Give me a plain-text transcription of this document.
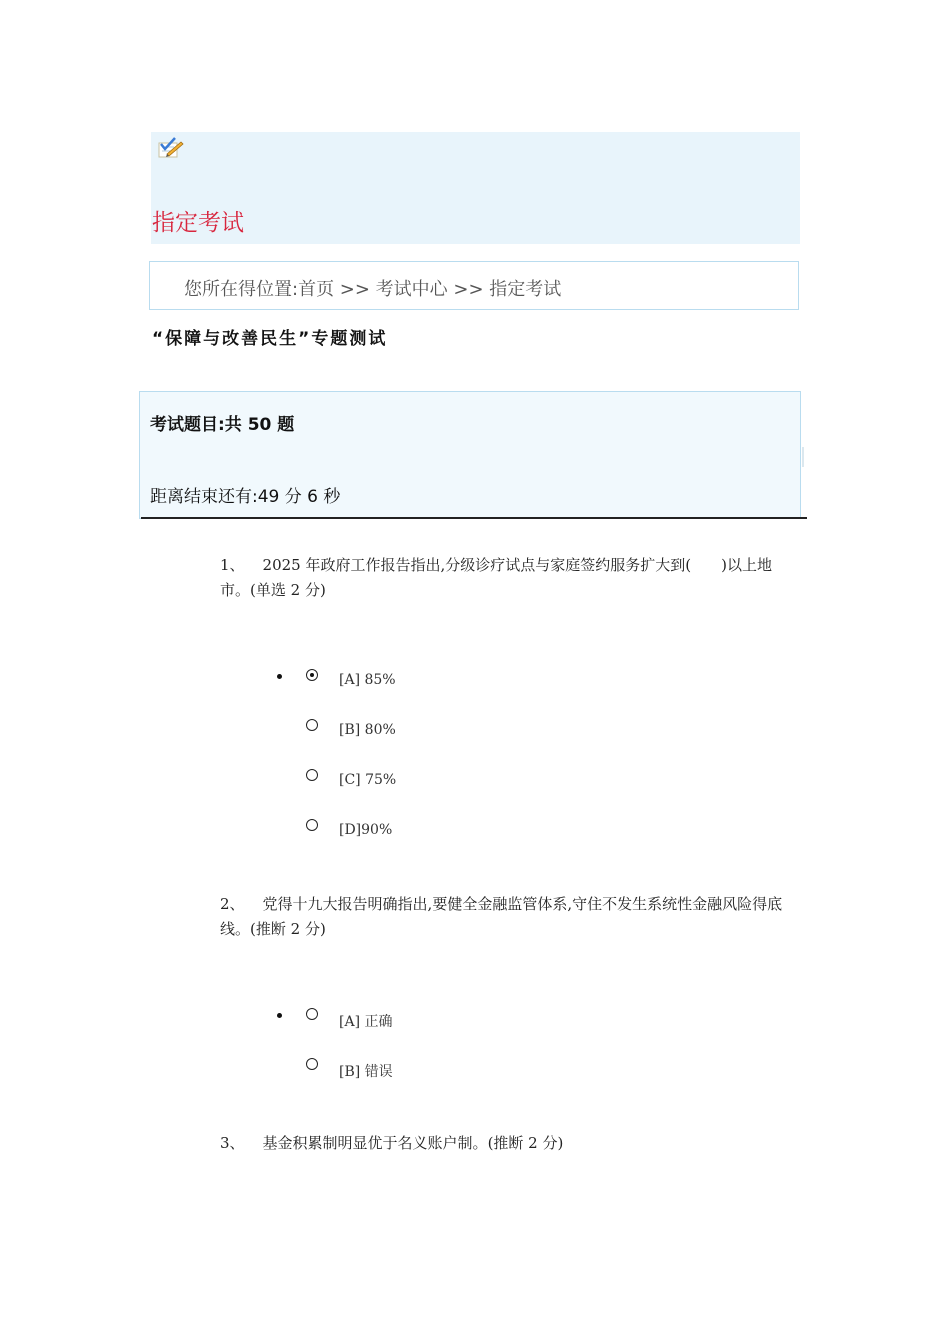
指定考试
您所在得位置:首页 >> 考试中心 >> 指定考试
“保障与改善民生”专题测试
考试题目:共 50 题
距离结束还有:49 分 6 秒
1、 2025 年政府工作报告指出,分级诊疗试点与家庭签约服务扩大到(　　)以上地市。(单选 2 分)
[A] 85%
[B] 80%
[C] 75%
[D]90%
2、 党得十九大报告明确指出,要健全金融监管体系,守住不发生系统性金融风险得底线。(推断 2 分)
[A] 正确
[B] 错误
3、 基金积累制明显优于名义账户制。(推断 2 分)
